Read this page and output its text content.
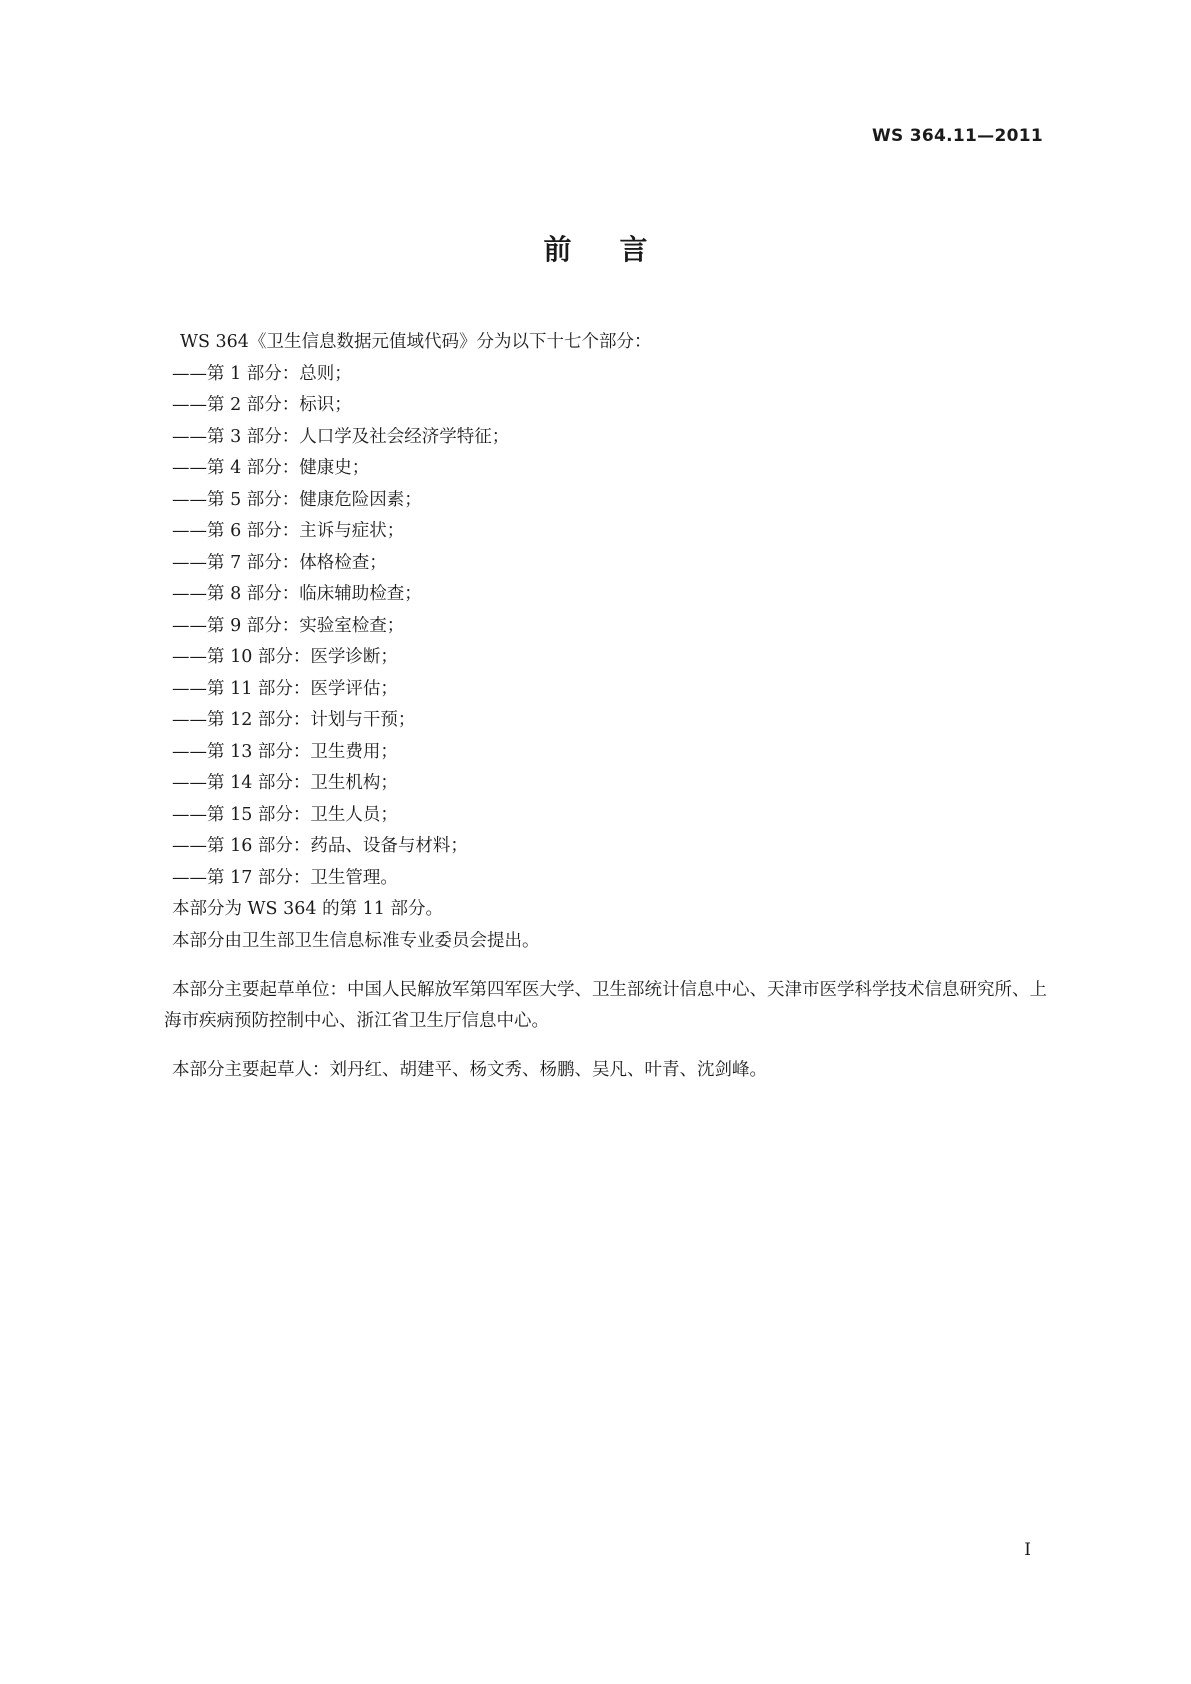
WS 364.11—2011
前言

WS 364《卫生信息数据元值域代码》分为以下十七个部分：

——第 1 部分：总则；

——第 2 部分：标识；

——第 3 部分：人口学及社会经济学特征；

——第 4 部分：健康史；

——第 5 部分：健康危险因素；

——第 6 部分：主诉与症状；

——第 7 部分：体格检查；

——第 8 部分：临床辅助检查；

——第 9 部分：实验室检查；

——第 10 部分：医学诊断；

——第 11 部分：医学评估；

——第 12 部分：计划与干预；

——第 13 部分：卫生费用；

——第 14 部分：卫生机构；

——第 15 部分：卫生人员；

——第 16 部分：药品、设备与材料；

——第 17 部分：卫生管理。

本部分为 WS 364 的第 11 部分。

本部分由卫生部卫生信息标准专业委员会提出。

本部分主要起草单位：中国人民解放军第四军医大学、卫生部统计信息中心、天津市医学科学技术信息研究所、上海市疾病预防控制中心、浙江省卫生厅信息中心。

本部分主要起草人：刘丹红、胡建平、杨文秀、杨鹏、吴凡、叶青、沈剑峰。

I
